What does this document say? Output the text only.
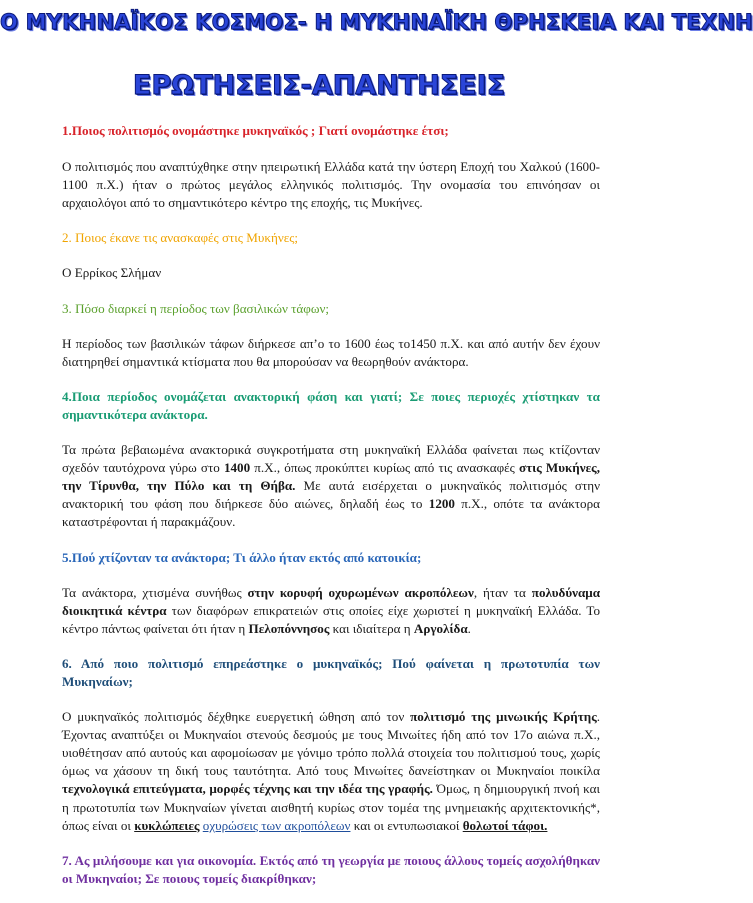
Ο ΜΥΚΗΝΑΪΚΟΣ ΚΟΣΜΟΣ- Η ΜΥΚΗΝΑΪΚΗ ΘΡΗΣΚΕΙΑ ΚΑΙ ΤΕΧΝΗ
ΕΡΩΤΗΣΕΙΣ-ΑΠΑΝΤΗΣΕΙΣ

1.Ποιος πολιτισμός ονομάστηκε μυκηναϊκός ; Γιατί ονομάστηκε έτσι;

Ο πολιτισμός που αναπτύχθηκε στην ηπειρωτική Ελλάδα κατά την ύστερη Εποχή του Χαλκού (1600-1100 π.Χ.) ήταν ο πρώτος μεγάλος ελληνικός πολιτισμός. Την ονομασία του επινόησαν οι αρχαιολόγοι από το σημαντικότερο κέντρο της εποχής, τις Μυκήνες.

2. Ποιος έκανε τις ανασκαφές στις Μυκήνες;

Ο Ερρίκος Σλήμαν

3. Πόσο διαρκεί η περίοδος των βασιλικών τάφων;

Η περίοδος των βασιλικών τάφων διήρκεσε απ’ο το 1600 έως το1450 π.Χ. και από αυτήν δεν έχουν διατηρηθεί σημαντικά κτίσματα που θα μπορούσαν να θεωρηθούν ανάκτορα.

4.Ποια περίοδος ονομάζεται ανακτορική φάση και γιατί; Σε ποιες περιοχές χτίστηκαν τα σημαντικότερα ανάκτορα.

Τα πρώτα βεβαιωμένα ανακτορικά συγκροτήματα στη μυκηναϊκή Ελλάδα φαίνεται πως κτίζονταν σχεδόν ταυτόχρονα γύρω στο 1400 π.Χ., όπως προκύπτει κυρίως από τις ανασκαφές στις Μυκήνες, την Τίρυνθα, την Πύλο και τη Θήβα. Με αυτά εισέρχεται ο μυκηναϊκός πολιτισμός στην ανακτορική του φάση που διήρκεσε δύο αιώνες, δηλαδή έως το 1200 π.Χ., οπότε τα ανάκτορα καταστρέφονται ή παρακμάζουν.

5.Πού χτίζονταν τα ανάκτορα; Τι άλλο ήταν εκτός από κατοικία;

Τα ανάκτορα, χτισμένα συνήθως στην κορυφή οχυρωμένων ακροπόλεων, ήταν τα πολυδύναμα διοικητικά κέντρα των διαφόρων επικρατειών στις οποίες είχε χωριστεί η μυκηναϊκή Ελλάδα. Το κέντρο πάντως φαίνεται ότι ήταν η Πελοπόννησος και ιδιαίτερα η Αργολίδα.

6. Από ποιο πολιτισμό επηρεάστηκε ο μυκηναϊκός; Πού φαίνεται η πρωτοτυπία των Μυκηναίων;

Ο μυκηναϊκός πολιτισμός δέχθηκε ευεργετική ώθηση από τον πολιτισμό της μινωικής Κρήτης. Έχοντας αναπτύξει οι Μυκηναίοι στενούς δεσμούς με τους Μινωίτες ήδη από τον 17ο αιώνα π.Χ., υιοθέτησαν από αυτούς και αφομοίωσαν με γόνιμο τρόπο πολλά στοιχεία του πολιτισμού τους, χωρίς όμως να χάσουν τη δική τους ταυτότητα. Από τους Μινωίτες δανείστηκαν οι Μυκηναίοι ποικίλα τεχνολογικά επιτεύγματα, μορφές τέχνης και την ιδέα της γραφής. Όμως, η δημιουργική πνοή και η πρωτοτυπία των Μυκηναίων γίνεται αισθητή κυρίως στον τομέα της μνημειακής αρχιτεκτονικής*, όπως είναι οι κυκλώπειες οχυρώσεις των ακροπόλεων και οι εντυπωσιακοί θολωτοί τάφοι.

7. Ας μιλήσουμε και για οικονομία. Εκτός από τη γεωργία με ποιους άλλους τομείς ασχολήθηκαν οι Μυκηναίοι; Σε ποιους τομείς διακρίθηκαν;
